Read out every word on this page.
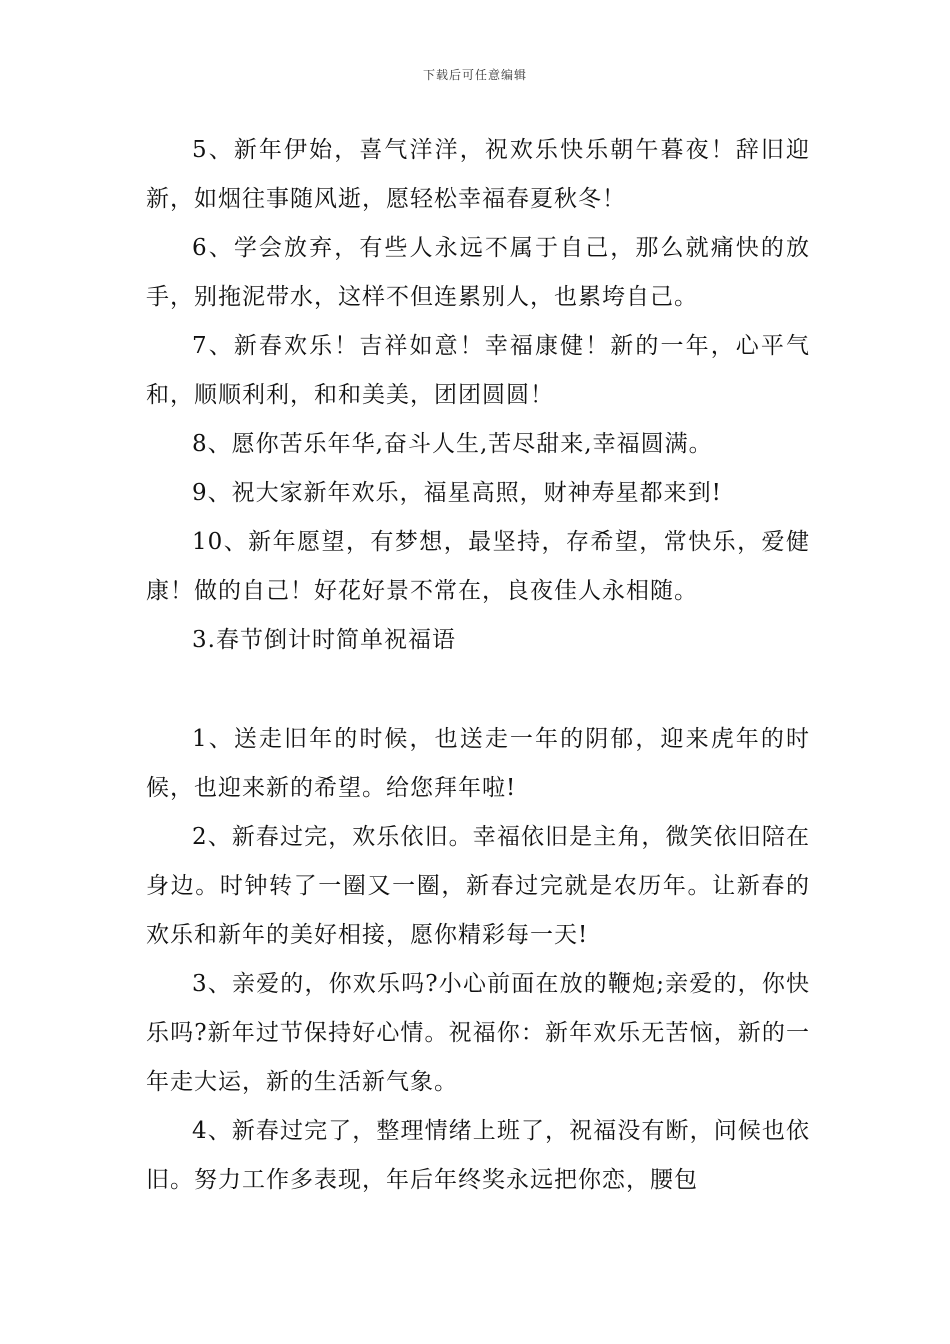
下载后可任意编辑

5、新年伊始，喜气洋洋，祝欢乐快乐朝午暮夜！辞旧迎新，如烟往事随风逝，愿轻松幸福春夏秋冬！

6、学会放弃，有些人永远不属于自己，那么就痛快的放手，别拖泥带水，这样不但连累别人，也累垮自己。

7、新春欢乐！吉祥如意！幸福康健！新的一年，心平气和，顺顺利利，和和美美，团团圆圆！

8、愿你苦乐年华,奋斗人生,苦尽甜来,幸福圆满。

9、祝大家新年欢乐，福星高照，财神寿星都来到!

10、新年愿望，有梦想，最坚持，存希望，常快乐，爱健康！做的自己！好花好景不常在，良夜佳人永相随。

3.春节倒计时简单祝福语

1、送走旧年的时候，也送走一年的阴郁，迎来虎年的时候，也迎来新的希望。给您拜年啦!

2、新春过完，欢乐依旧。幸福依旧是主角，微笑依旧陪在身边。时钟转了一圈又一圈，新春过完就是农历年。让新春的欢乐和新年的美好相接，愿你精彩每一天!

3、亲爱的，你欢乐吗?小心前面在放的鞭炮;亲爱的，你快乐吗?新年过节保持好心情。祝福你：新年欢乐无苦恼，新的一年走大运，新的生活新气象。

4、新春过完了，整理情绪上班了，祝福没有断，问候也依旧。努力工作多表现，年后年终奖永远把你恋，腰包
